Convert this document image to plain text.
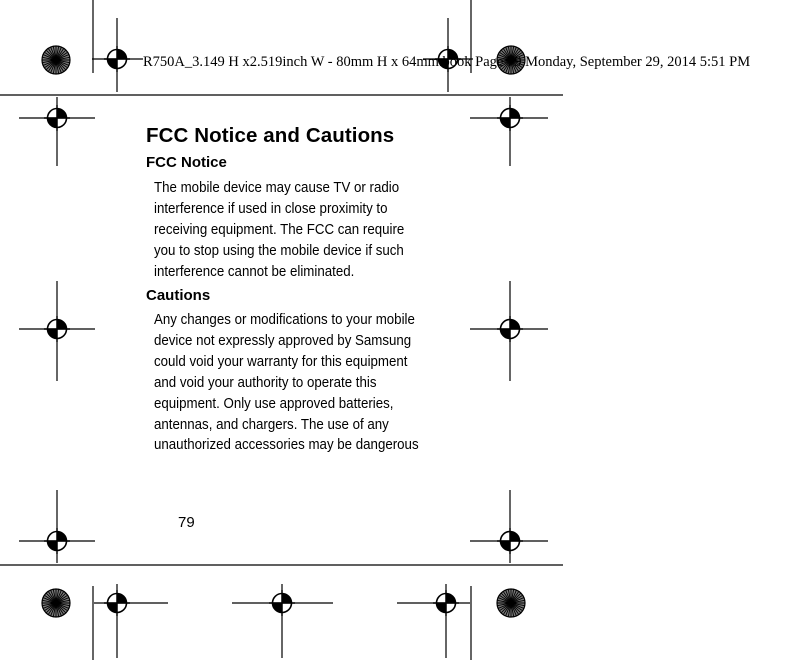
R750A_3.149 H x2.519inch W - 80mm H x 64mm.book Page 79 Monday, September 29, 2014 5:51 PM
FCC Notice and Cautions
FCC Notice
The mobile device may cause TV or radio
interference if used in close proximity to
receiving equipment. The FCC can require
you to stop using the mobile device if such
interference cannot be eliminated.
Cautions
Any changes or modifications to your mobile
device not expressly approved by Samsung
could void your warranty for this equipment
and void your authority to operate this
equipment. Only use approved batteries,
antennas, and chargers. The use of any
unauthorized accessories may be dangerous
79
